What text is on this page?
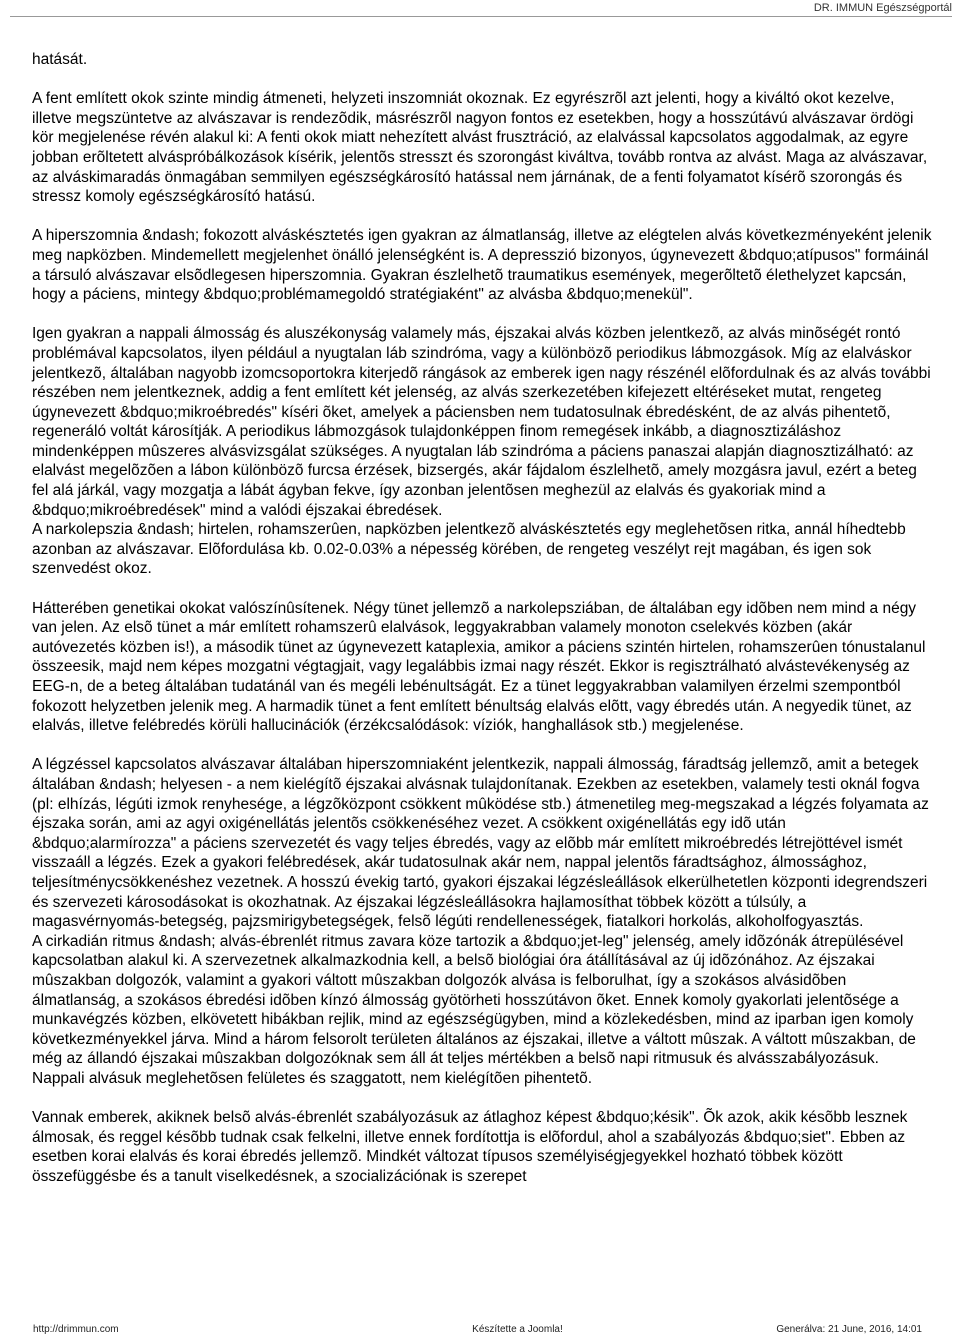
DR. IMMUN Egészségportál

hatását.

A fent említett okok szinte mindig átmeneti, helyzeti inszomniát okoznak. Ez egyrészrõl azt jelenti, hogy a kiváltó okot kezelve, illetve megszüntetve az alvászavar is rendezõdik, másrészrõl nagyon fontos ez esetekben, hogy a hosszútávú alvászavar ördögi kör megjelenése révén alakul ki: A fenti okok miatt nehezített alvást frusztráció, az elalvással kapcsolatos aggodalmak, az egyre jobban erõltetett alváspróbálkozások kísérik, jelentõs stresszt és szorongást kiváltva, tovább rontva az alvást. Maga az alvászavar, az alváskimaradás önmagában semmilyen egészségkárosító hatással nem járnának, de a fenti folyamatot kísérõ szorongás és stressz komoly egészségkárosító hatású.

A hiperszomnia &ndash; fokozott alváskésztetés igen gyakran az álmatlanság, illetve az elégtelen alvás következményeként jelenik meg napközben. Mindemellett megjelenhet önálló jelenségként is. A depresszió bizonyos, úgynevezett &bdquo;atípusos" formáinál a társuló alvászavar elsõdlegesen hiperszomnia. Gyakran észlelhetõ traumatikus események, megerõltetõ élethelyzet kapcsán, hogy a páciens, mintegy &bdquo;problémamegoldó stratégiaként" az alvásba &bdquo;menekül".

Igen gyakran a nappali álmosság és aluszékonyság valamely más, éjszakai alvás közben jelentkezõ, az alvás minõségét rontó problémával kapcsolatos, ilyen például a nyugtalan láb szindróma, vagy a különbözõ periodikus lábmozgások. Míg az elalváskor jelentkezõ, általában nagyobb izomcsoportokra kiterjedõ rángások az emberek igen nagy részénél elõfordulnak és az alvás további részében nem jelentkeznek, addig a fent említett két jelenség, az alvás szerkezetében kifejezett eltéréseket mutat, rengeteg úgynevezett &bdquo;mikroébredés" kíséri õket, amelyek a páciensben nem tudatosulnak ébredésként, de az alvás pihentetõ, regeneráló voltát károsítják. A periodikus lábmozgások tulajdonképpen finom remegések inkább, a diagnosztizáláshoz mindenképpen mûszeres alvásvizsgálat szükséges. A nyugtalan láb szindróma a páciens panaszai alapján diagnosztizálható: az elalvást megelõzõen a lábon különbözõ furcsa érzések, bizsergés, akár fájdalom észlelhetõ, amely mozgásra javul, ezért a beteg fel alá járkál, vagy mozgatja a lábát ágyban fekve, így azonban jelentõsen meghezül az elalvás és gyakoriak mind a &bdquo;mikroébredések" mind a valódi éjszakai ébredések.

A narkolepszia &ndash; hirtelen, rohamszerûen, napközben jelentkezõ alváskésztetés egy meglehetõsen ritka, annál híhedtebb azonban az alvászavar. Elõfordulása kb. 0.02-0.03% a népesség körében, de rengeteg veszélyt rejt magában, és igen sok szenvedést okoz.

Hátterében genetikai okokat valószínûsítenek. Négy tünet jellemzõ a narkolepsziában, de általában egy idõben nem mind a négy van jelen. Az elsõ tünet a már említett rohamszerû elalvások, leggyakrabban valamely monoton cselekvés közben (akár autóvezetés közben is!), a második tünet az úgynevezett kataplexia, amikor a páciens szintén hirtelen, rohamszerûen tónustalanul összeesik, majd nem képes mozgatni végtagjait, vagy legalábbis izmai nagy részét. Ekkor is regisztrálható alvástevékenység az EEG-n, de a beteg általában tudatánál van és megéli lebénultságát. Ez a tünet leggyakrabban valamilyen érzelmi szempontból fokozott helyzetben jelenik meg. A harmadik tünet a fent említett bénultság elalvás elõtt, vagy ébredés után. A negyedik tünet, az elalvás, illetve felébredés körüli hallucinációk (érzékcsalódások: víziók, hanghallások stb.) megjelenése.

A légzéssel kapcsolatos alvászavar általában hiperszomniaként jelentkezik, nappali álmosság, fáradtság jellemzõ, amit a betegek általában &ndash; helyesen - a nem kielégítõ éjszakai alvásnak tulajdonítanak. Ezekben az esetekben, valamely testi oknál fogva (pl: elhízás, légúti izmok renyhesége, a légzõközpont csökkent mûködése stb.) átmenetileg meg-megszakad a légzés folyamata az éjszaka során, ami az agyi oxigénellátás jelentõs csökkenéséhez vezet. A csökkent oxigénellátás egy idõ után &bdquo;alarmírozza" a páciens szervezetét és vagy teljes ébredés, vagy az elõbb már említett mikroébredés létrejöttével ismét visszaáll a légzés. Ezek a gyakori felébredések, akár tudatosulnak akár nem, nappal jelentõs fáradtsághoz, álmossághoz, teljesítménycsökkenéshez vezetnek. A hosszú évekig tartó, gyakori éjszakai légzésleállások elkerülhetetlen központi idegrendszeri és szervezeti károsodásokat is okozhatnak. Az éjszakai légzésleállásokra hajlamosíthat többek között a túlsúly, a magasvérnyomás-betegség, pajzsmirigybetegségek, felsõ légúti rendellenességek, fiatalkori horkolás, alkoholfogyasztás.

A cirkadián ritmus &ndash; alvás-ébrenlét ritmus zavara köze tartozik a &bdquo;jet-leg" jelenség, amely idõzónák átrepülésével kapcsolatban alakul ki. A szervezetnek alkalmazkodnia kell, a belsõ biológiai óra átállításával az új idõzónához. Az éjszakai mûszakban dolgozók, valamint a gyakori váltott mûszakban dolgozók alvása is felborulhat, így a szokásos alvásidõben álmatlanság, a szokásos ébredési idõben kínzó álmosság gyötörheti hosszútávon õket. Ennek komoly gyakorlati jelentõsége a munkavégzés közben, elkövetett hibákban rejlik, mind az egészségügyben, mind a közlekedésben, mind az iparban igen komoly következményekkel járva. Mind a három felsorolt területen általános az éjszakai, illetve a váltott mûszak. A váltott mûszakban, de még az állandó éjszakai mûszakban dolgozóknak sem áll át teljes mértékben a belsõ napi ritmusuk és alvásszabályozásuk. Nappali alvásuk meglehetõsen felületes és szaggatott, nem kielégítõen pihentetõ.

Vannak emberek, akiknek belsõ alvás-ébrenlét szabályozásuk az átlaghoz képest &bdquo;késik". Õk azok, akik késõbb lesznek álmosak, és reggel késõbb tudnak csak felkelni, illetve ennek fordítottja is elõfordul, ahol a szabályozás &bdquo;siet". Ebben az esetben korai elalvás és korai ébredés jellemzõ. Mindkét változat típusos személyiségjegyekkel hozható többek között összefüggésbe és a tanult viselkedésnek, a szocializációnak is szerepet

http://drimmun.com	Készítette a Joomla!	Generálva: 21 June, 2016, 14:01
